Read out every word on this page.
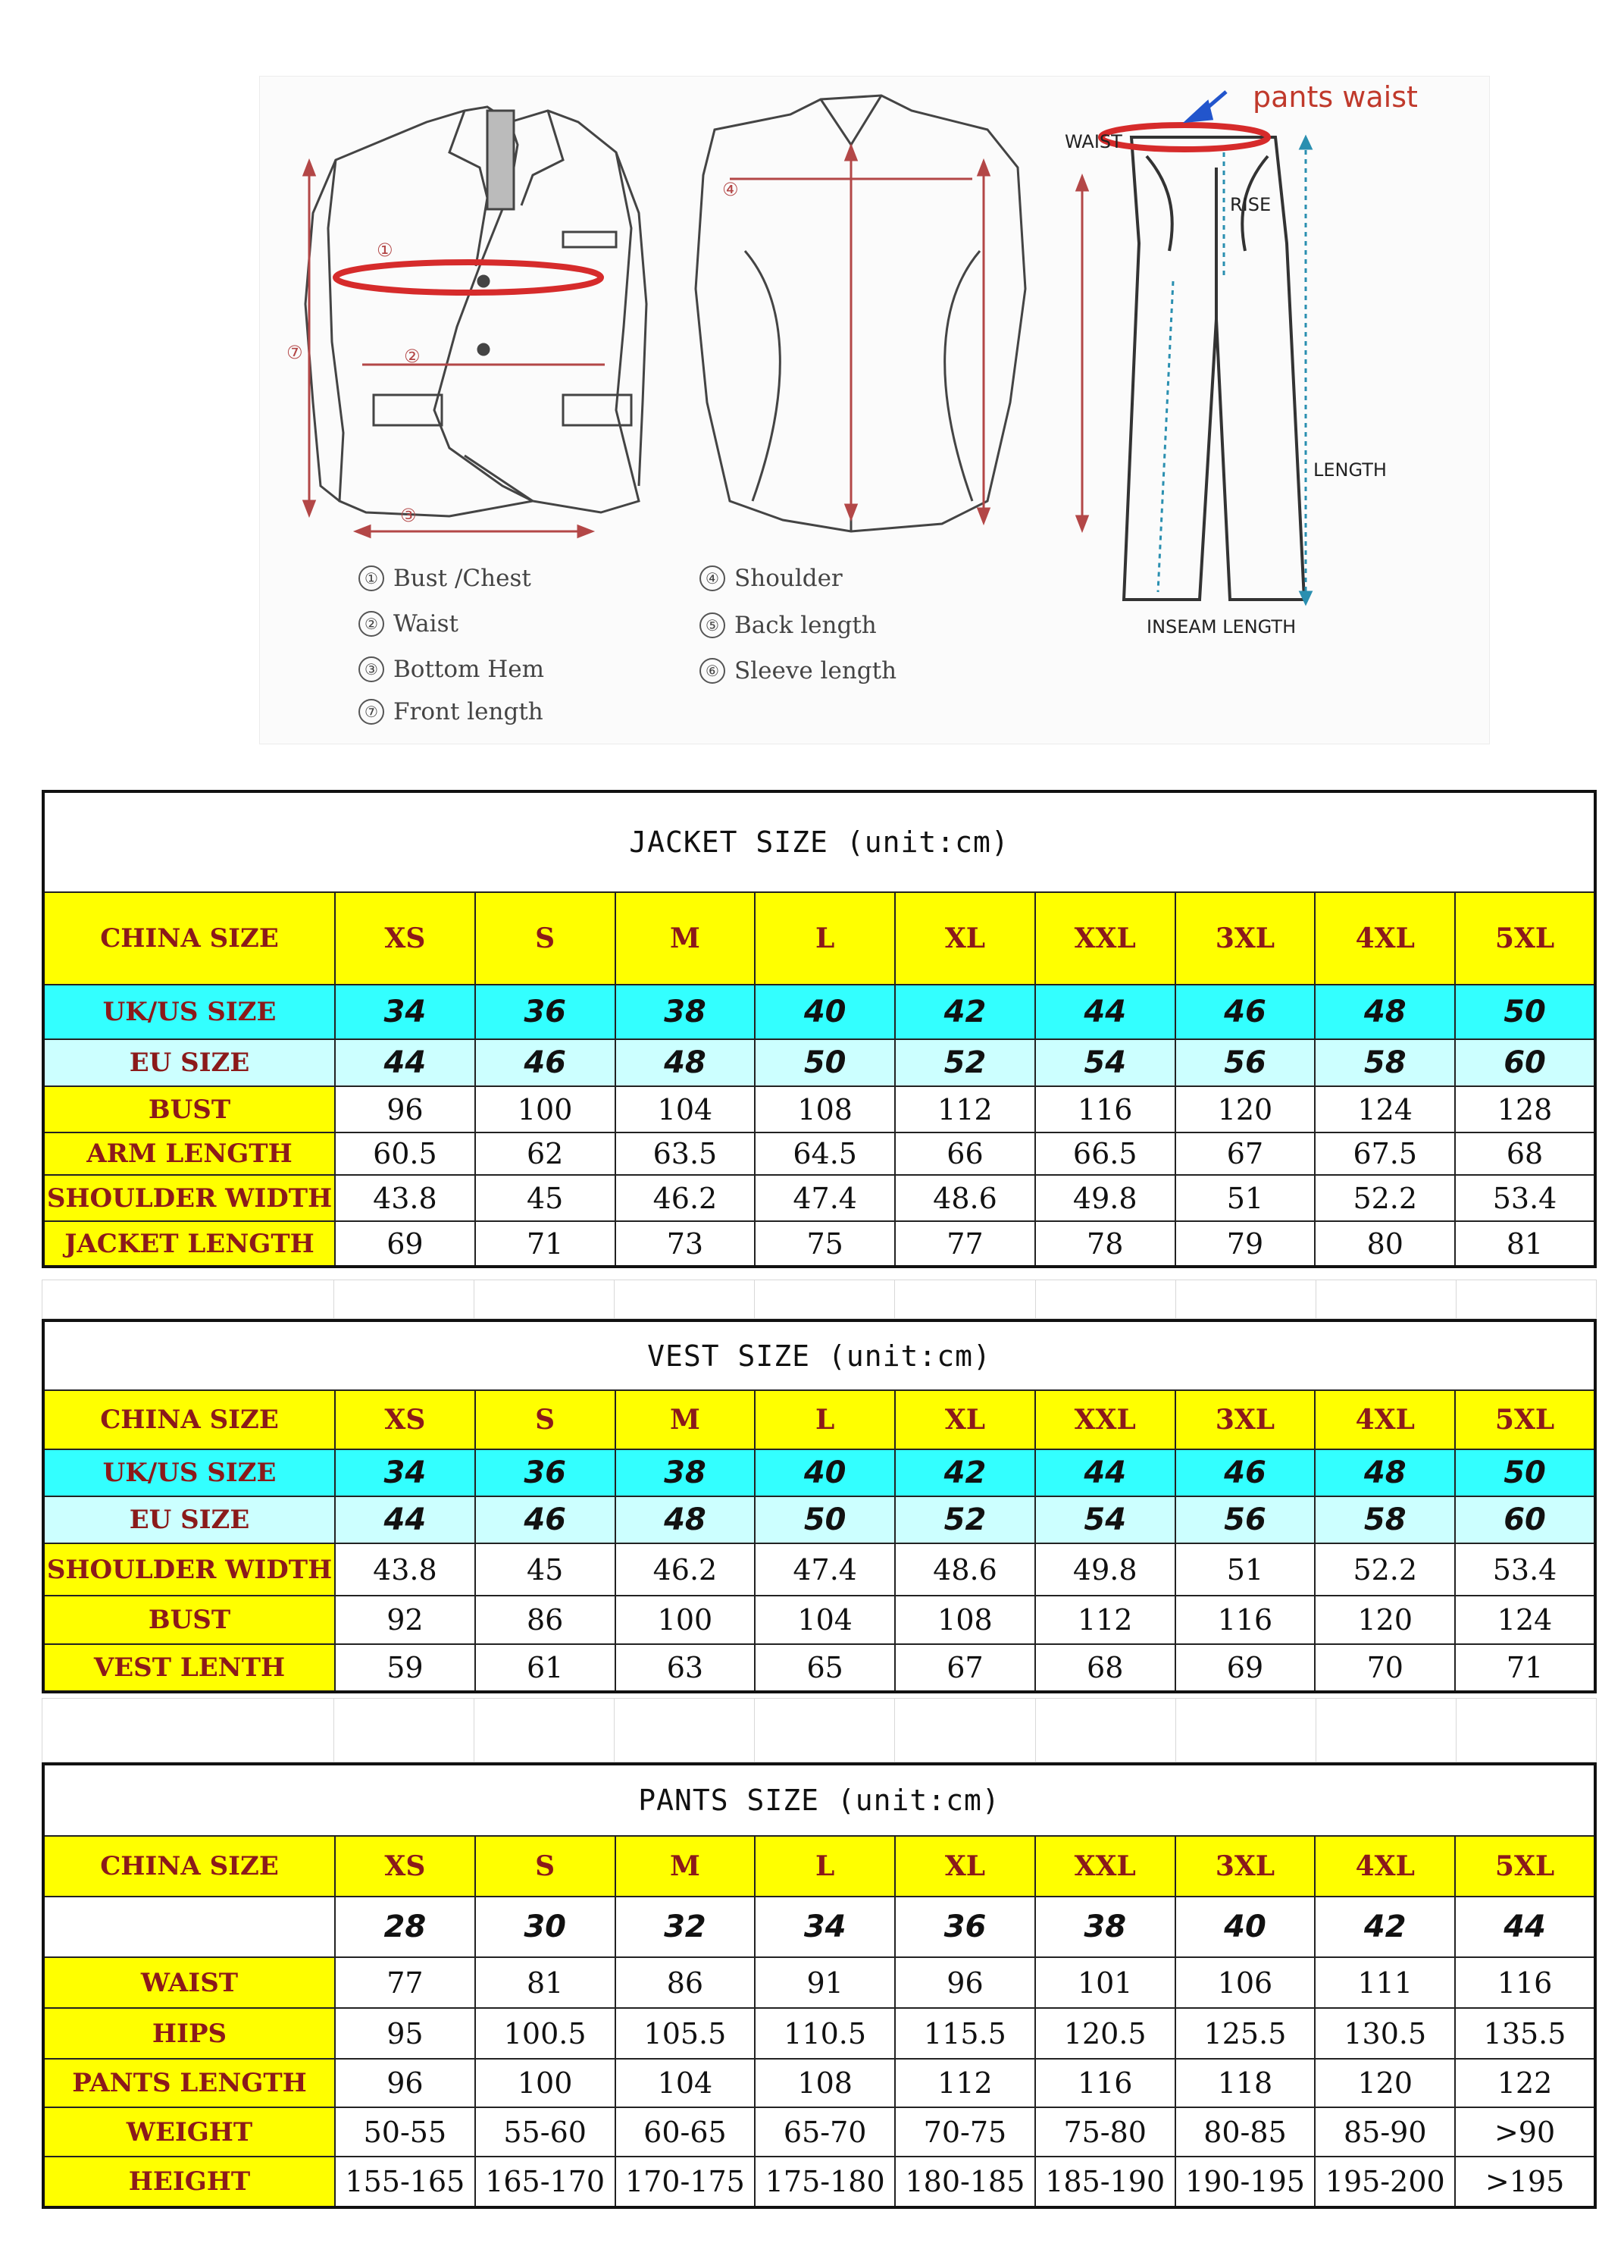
①
②
③
⑦
④
pants waist
WAIST
RISE
LENGTH
INSEAM LENGTH
① Bust /Chest
② Waist
③ Bottom Hem
⑦ Front length
④ Shoulder
⑤ Back length
⑥ Sleeve length
JACKET SIZE (unit:cm)									
CHINA SIZE	XS	S	M	L	XL	XXL	3XL	4XL	5XL
UK/US SIZE	34	36	38	40	42	44	46	48	50
EU SIZE	44	46	48	50	52	54	56	58	60
BUST	96	100	104	108	112	116	120	124	128
ARM LENGTH	60.5	62	63.5	64.5	66	66.5	67	67.5	68
SHOULDER WIDTH	43.8	45	46.2	47.4	48.6	49.8	51	52.2	53.4
JACKET LENGTH	69	71	73	75	77	78	79	80	81

VEST SIZE (unit:cm)									
CHINA SIZE	XS	S	M	L	XL	XXL	3XL	4XL	5XL
UK/US SIZE	34	36	38	40	42	44	46	48	50
EU SIZE	44	46	48	50	52	54	56	58	60
SHOULDER WIDTH	43.8	45	46.2	47.4	48.6	49.8	51	52.2	53.4
BUST	92	86	100	104	108	112	116	120	124
VEST LENTH	59	61	63	65	67	68	69	70	71

PANTS SIZE (unit:cm)									
CHINA SIZE	XS	S	M	L	XL	XXL	3XL	4XL	5XL
	28	30	32	34	36	38	40	42	44
WAIST	77	81	86	91	96	101	106	111	116
HIPS	95	100.5	105.5	110.5	115.5	120.5	125.5	130.5	135.5
PANTS LENGTH	96	100	104	108	112	116	118	120	122
WEIGHT	50-55	55-60	60-65	65-70	70-75	75-80	80-85	85-90	>90
HEIGHT	155-165	165-170	170-175	175-180	180-185	185-190	190-195	195-200	>195
